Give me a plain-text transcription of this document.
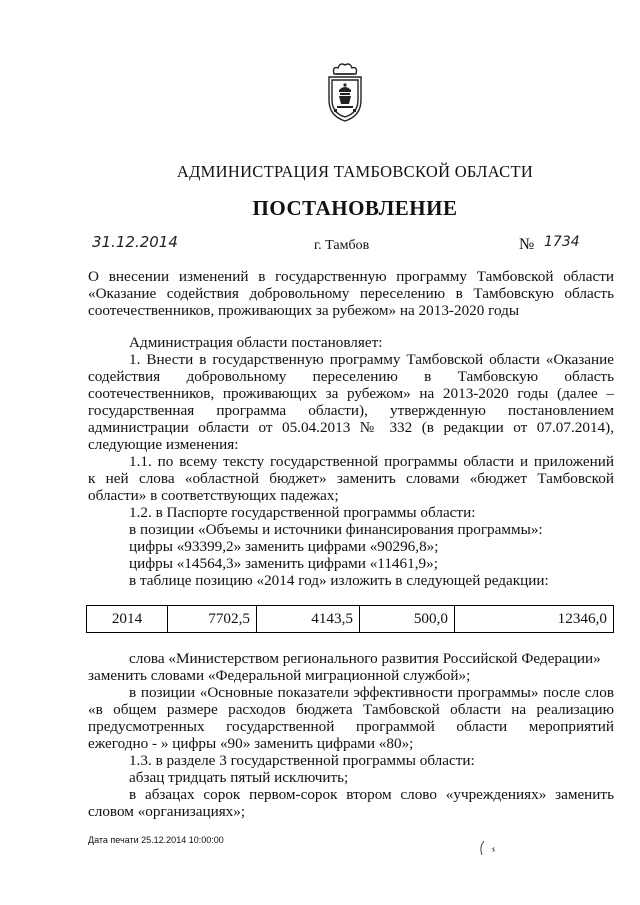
АДМИНИСТРАЦИЯ ТАМБОВСКОЙ ОБЛАСТИ
ПОСТАНОВЛЕНИЕ
31.12.2014	г. Тамбов	№ 1734
О внесении изменений в государственную программу Тамбовской области
«Оказание содействия добровольному переселению в Тамбовскую область
соотечественников, проживающих за рубежом» на 2013-2020 годы
Администрация области постановляет:
1. Внести в государственную программу Тамбовской области «Оказание
содействия добровольному переселению в Тамбовскую область
соотечественников, проживающих за рубежом» на 2013-2020 годы (далее –
государственная программа области), утвержденную постановлением
администрации области от 05.04.2013 № 332 (в редакции от 07.07.2014),
следующие изменения:
1.1. по всему тексту государственной программы области и приложений
к ней слова «областной бюджет» заменить словами «бюджет Тамбовской
области» в соответствующих падежах;
1.2. в Паспорте государственной программы области:
в позиции «Объемы и источники финансирования программы»:
цифры «93399,2» заменить цифрами «90296,8»;
цифры «14564,3» заменить цифрами «11461,9»;
в таблице позицию «2014 год» изложить в следующей редакции:
2014	7702,5	4143,5	500,0	12346,0
слова «Министерством регионального развития Российской Федерации»
заменить словами «Федеральной миграционной службой»;
в позиции «Основные показатели эффективности программы» после слов
«в общем размере расходов бюджета Тамбовской области на реализацию
предусмотренных государственной программой области мероприятий
ежегодно - » цифры «90» заменить цифрами «80»;
1.3. в разделе 3 государственной программы области:
абзац тридцать пятый исключить;
в абзацах сорок первом-сорок втором слово «учреждениях» заменить
словом «организациях»;
Дата печати 25.12.2014 10:00:00
